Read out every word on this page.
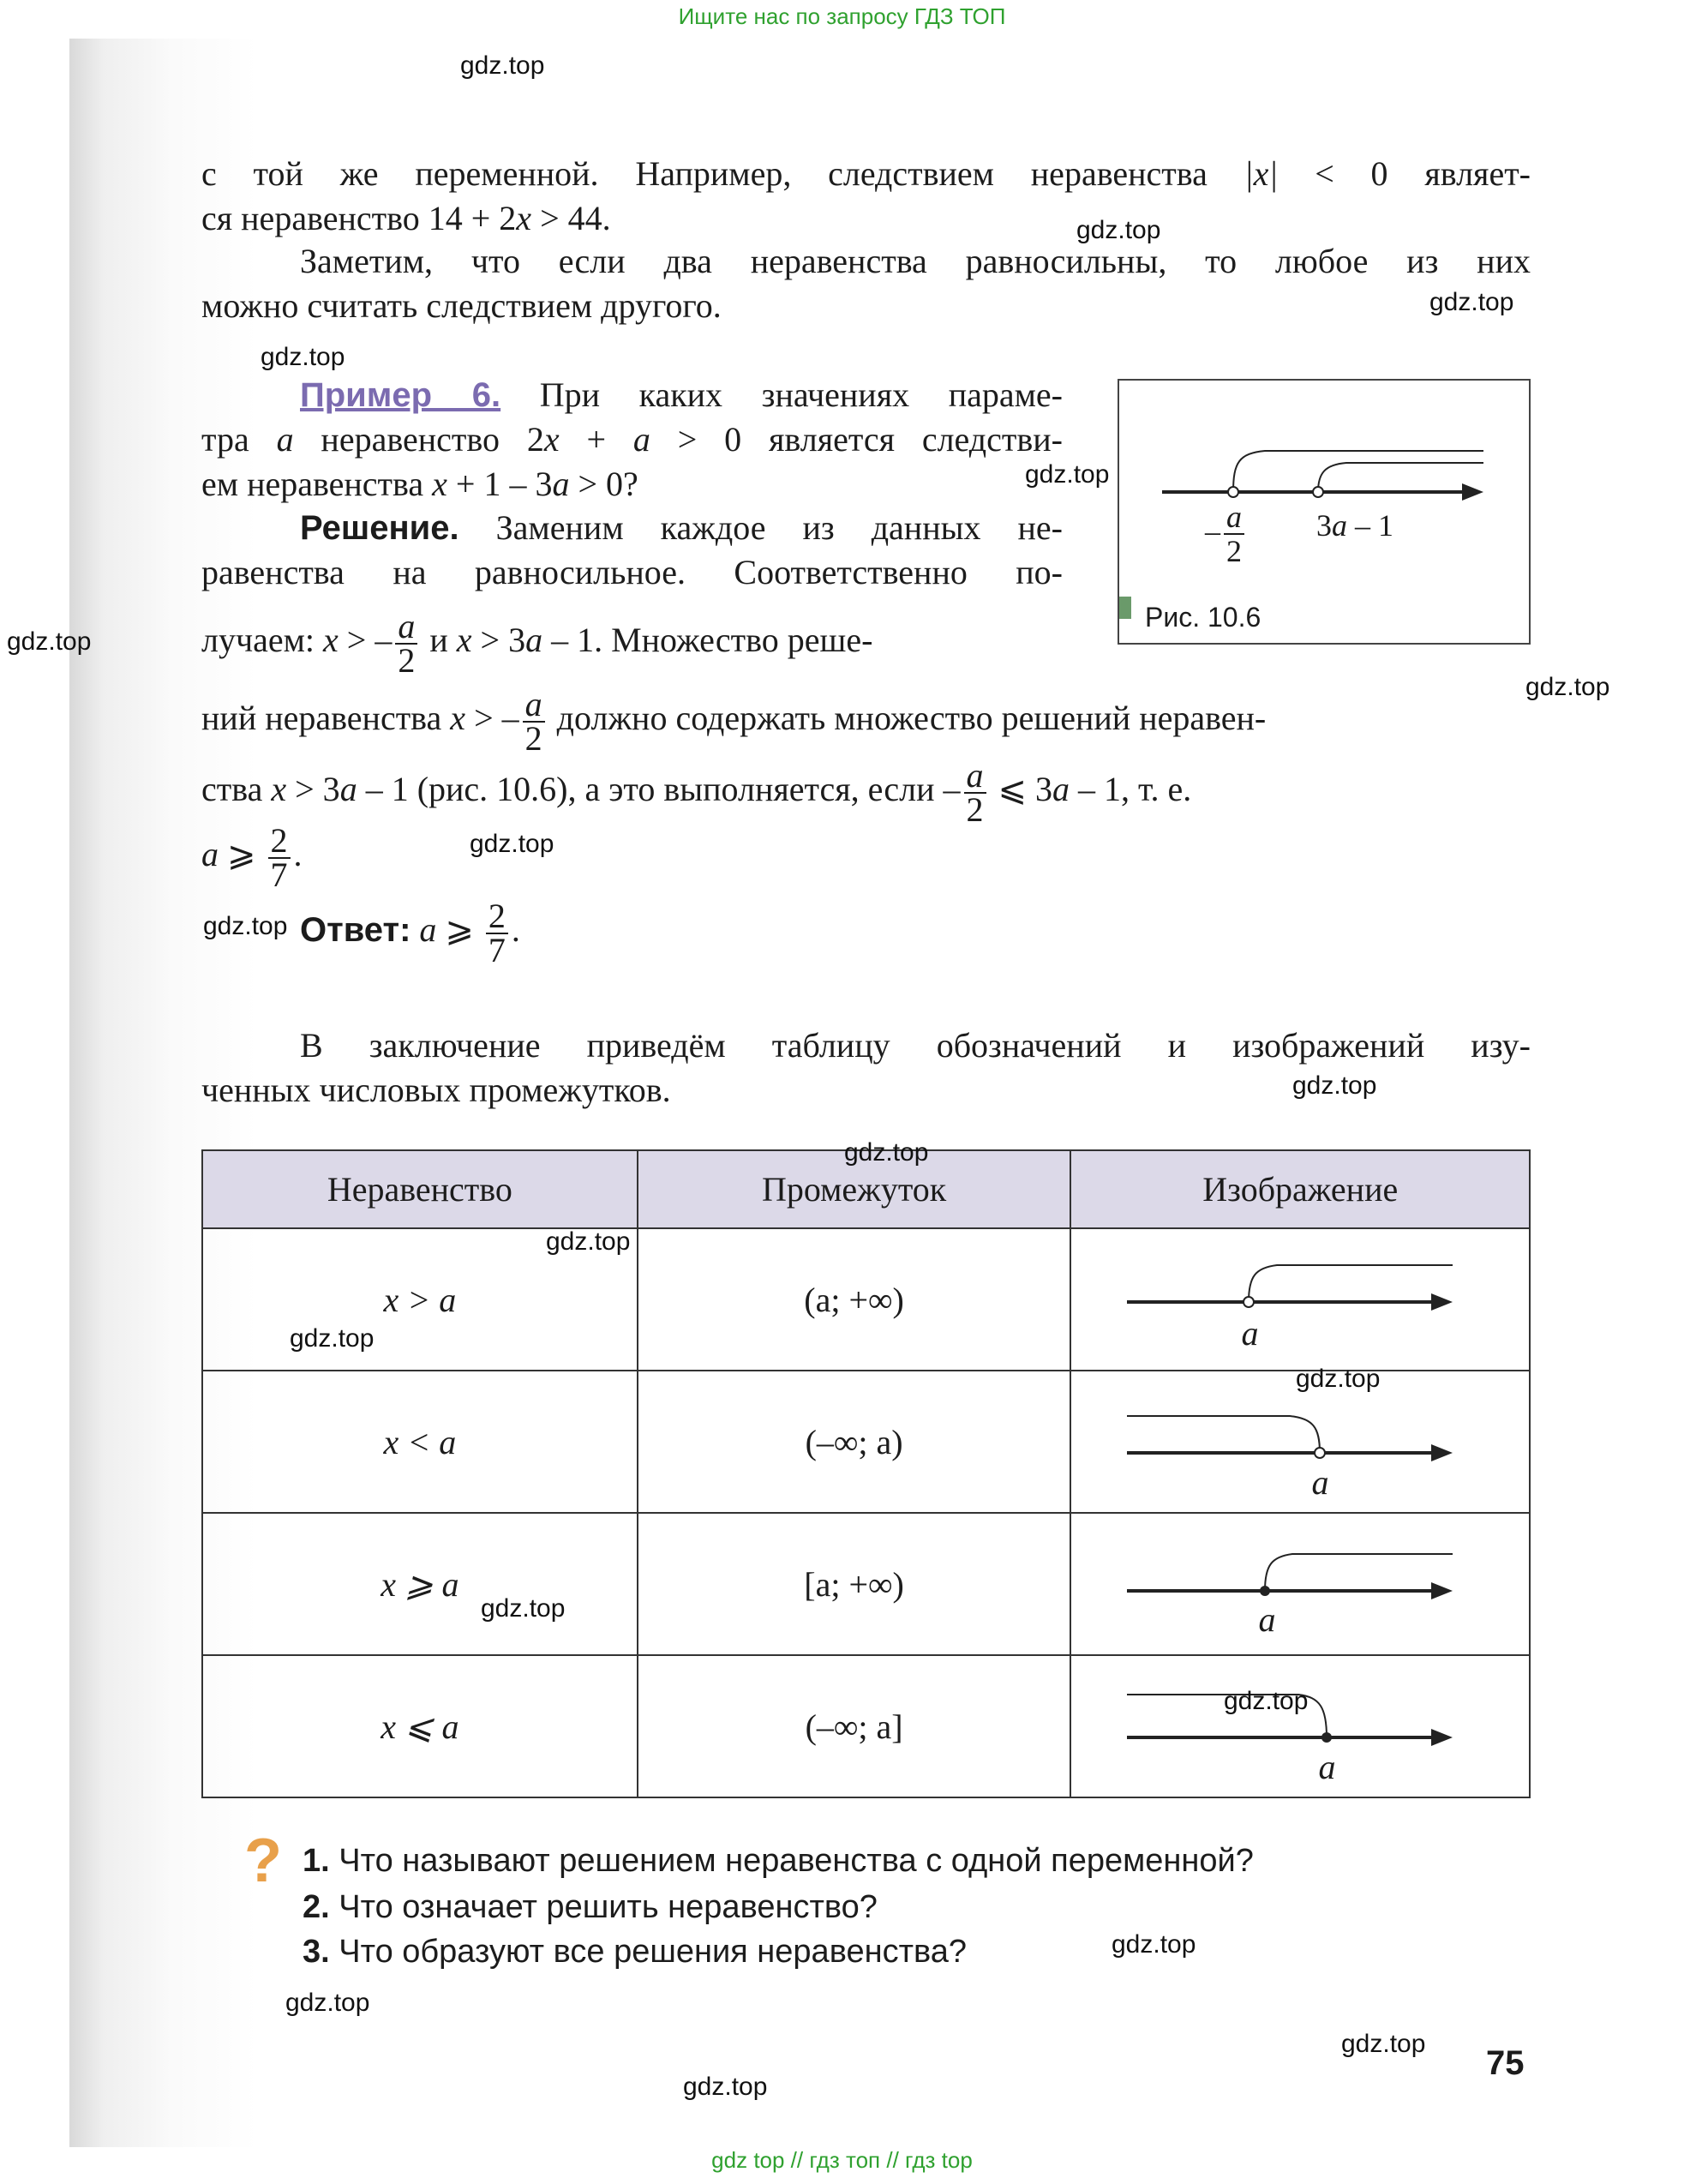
Ищите нас по запросу ГДЗ ТОП
с той же переменной. Например, следствием неравенства |x| < 0 являет-
ся неравенство 14 + 2x > 44.
Заметим, что если два неравенства равносильны, то любое из них
можно считать следствием другого.
Пример 6. При каких значениях параме-
тра a неравенство 2x + a > 0 является следстви-
ем неравенства x + 1 – 3a > 0?
Решение. Заменим каждое из данных не-
равенства на равносильное. Соответственно по-
лучаем: x > – $\frac{a}{2}$ и x > 3a – 1. Множество реше-
ний неравенства x > – $\frac{a}{2}$ должно содержать множество решений нерaвен-
ства x > 3a – 1 (рис. 10.6), а это выполняется, если – $\frac{a}{2}$ ⩽ 3a – 1, т. е.
a ⩾ $\frac{2}{7}$ .
Ответ: a ⩾ $\frac{2}{7}$ .
– $\frac{a}{2} 3a - 1$
Рис. 10.6
В заключение приведём таблицу обозначений и изображений изу-
ченных числовых промежутков.
Неравенство	Промежуток	Изображение
x > a	(a; +∞)	a

x < a	(–∞; a)	a

x ⩾ a	[a; +∞)	a

x ⩽ a	(–∞; a]	a
? 1. Что называют решением неравенства с одной переменной?
2. Что означает решить неравенство?
3. Что образуют все решения неравенства?
75
gdz.top
gdz.top
gdz.top
gdz.top
gdz.top
gdz.top
gdz.top
gdz.top
gdz.top
gdz.top
gdz.top
gdz.top
gdz.top
gdz.top
gdz.top
gdz.top
gdz.top
gdz.top
gdz.top
gdz.top
gdz top // гдз топ // гдз top
